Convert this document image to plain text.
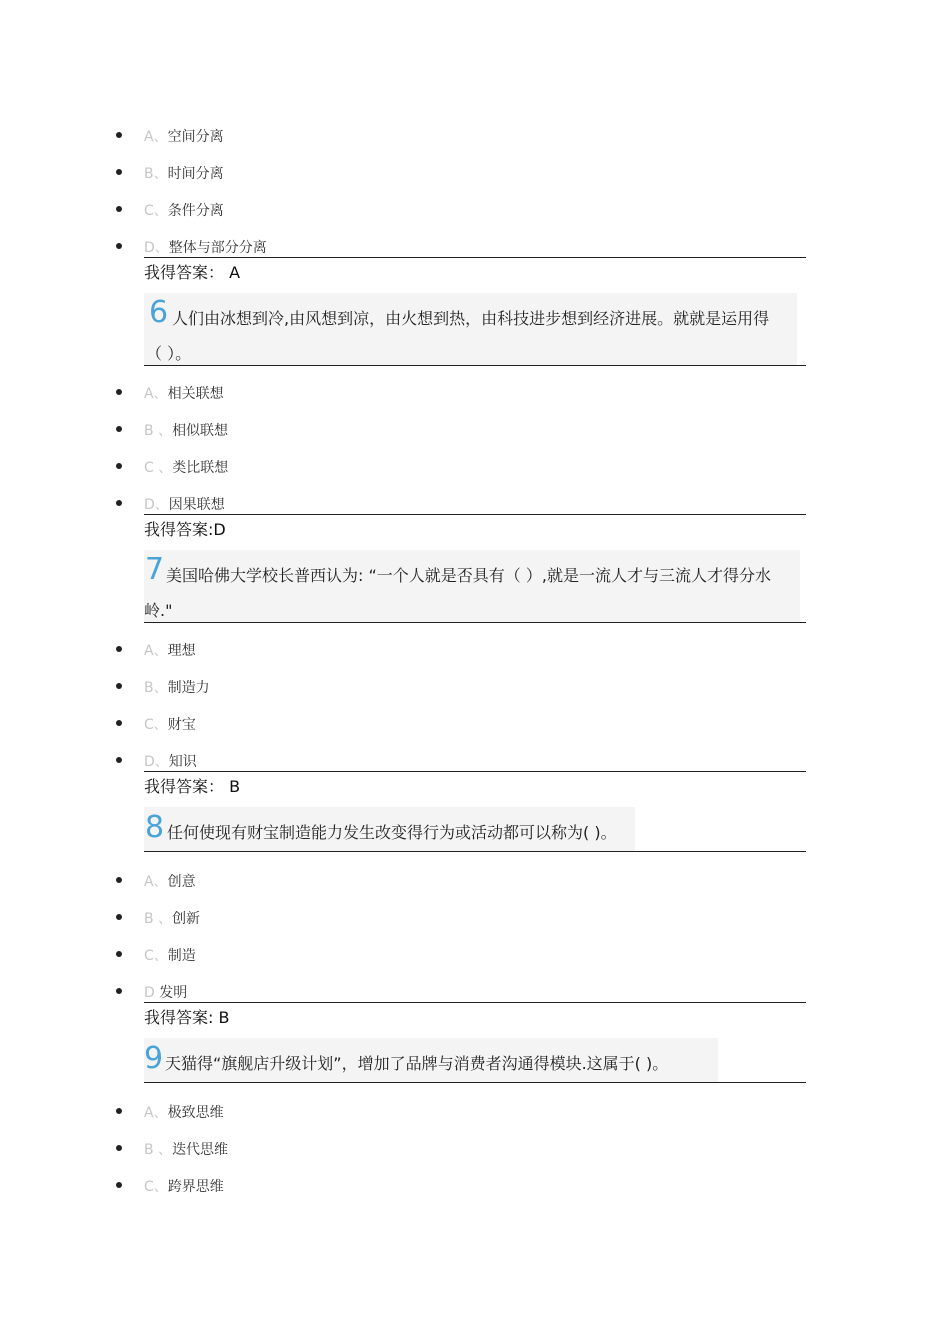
A、空间分离
B、时间分离
C、条件分离
D、整体与部分分离
我得答案： A
6 人们由冰想到冷,由风想到凉，由火想到热，由科技进步想到经济进展。就就是运用得
（ ）。
A、相关联想
B 、相似联想
C 、类比联想
D、因果联想
我得答案:D
7 美国哈佛大学校长普西认为: “一个人就是否具有（ ）,就是一流人才与三流人才得分水
岭."
A、理想
B、制造力
C、财宝
D、知识
我得答案： B
8 任何使现有财宝制造能力发生改变得行为或活动都可以称为( )。
A、创意
B 、创新
C、制造
D 发明
我得答案: B
9 天猫得“旗舰店升级计划”，增加了品牌与消费者沟通得模块.这属于( )。
A、极致思维
B 、迭代思维
C、跨界思维
